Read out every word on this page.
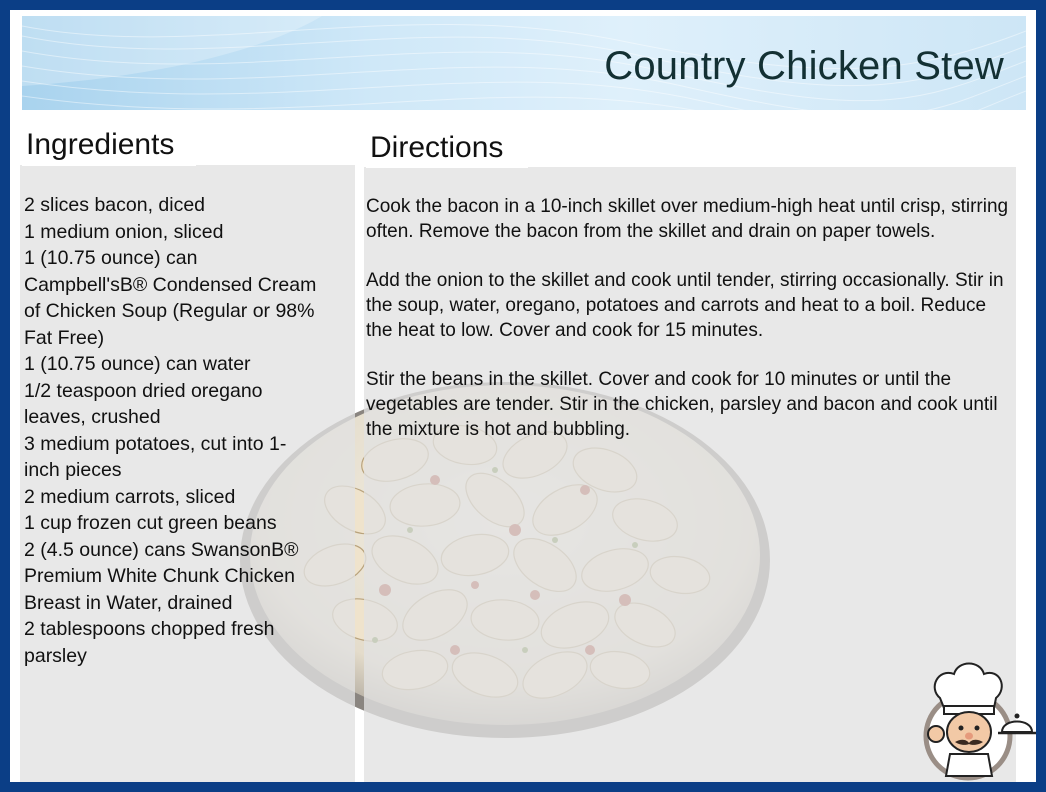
Country Chicken Stew
Ingredients	Directions
2 slices bacon, diced
1 medium onion, sliced
1 (10.75 ounce) can
Campbell'sB® Condensed Cream
of Chicken Soup (Regular or 98%
Fat Free)
1 (10.75 ounce) can water
1/2 teaspoon dried oregano
leaves, crushed
3 medium potatoes, cut into 1-
inch pieces
2 medium carrots, sliced
1 cup frozen cut green beans
2 (4.5 ounce) cans SwansonB®
Premium White Chunk Chicken
Breast in Water, drained
2 tablespoons chopped fresh
parsley

Cook the bacon in a 10-inch skillet over medium-high heat until crisp, stirring often. Remove the bacon from the skillet and drain on paper towels.

Add the onion to the skillet and cook until tender, stirring occasionally. Stir in the soup, water, oregano, potatoes and carrots and heat to a boil. Reduce the heat to low. Cover and cook for 15 minutes.

Stir the beans in the skillet. Cover and cook for 10 minutes or until the vegetables are tender. Stir in the chicken, parsley and bacon and cook until the mixture is hot and bubbling.
